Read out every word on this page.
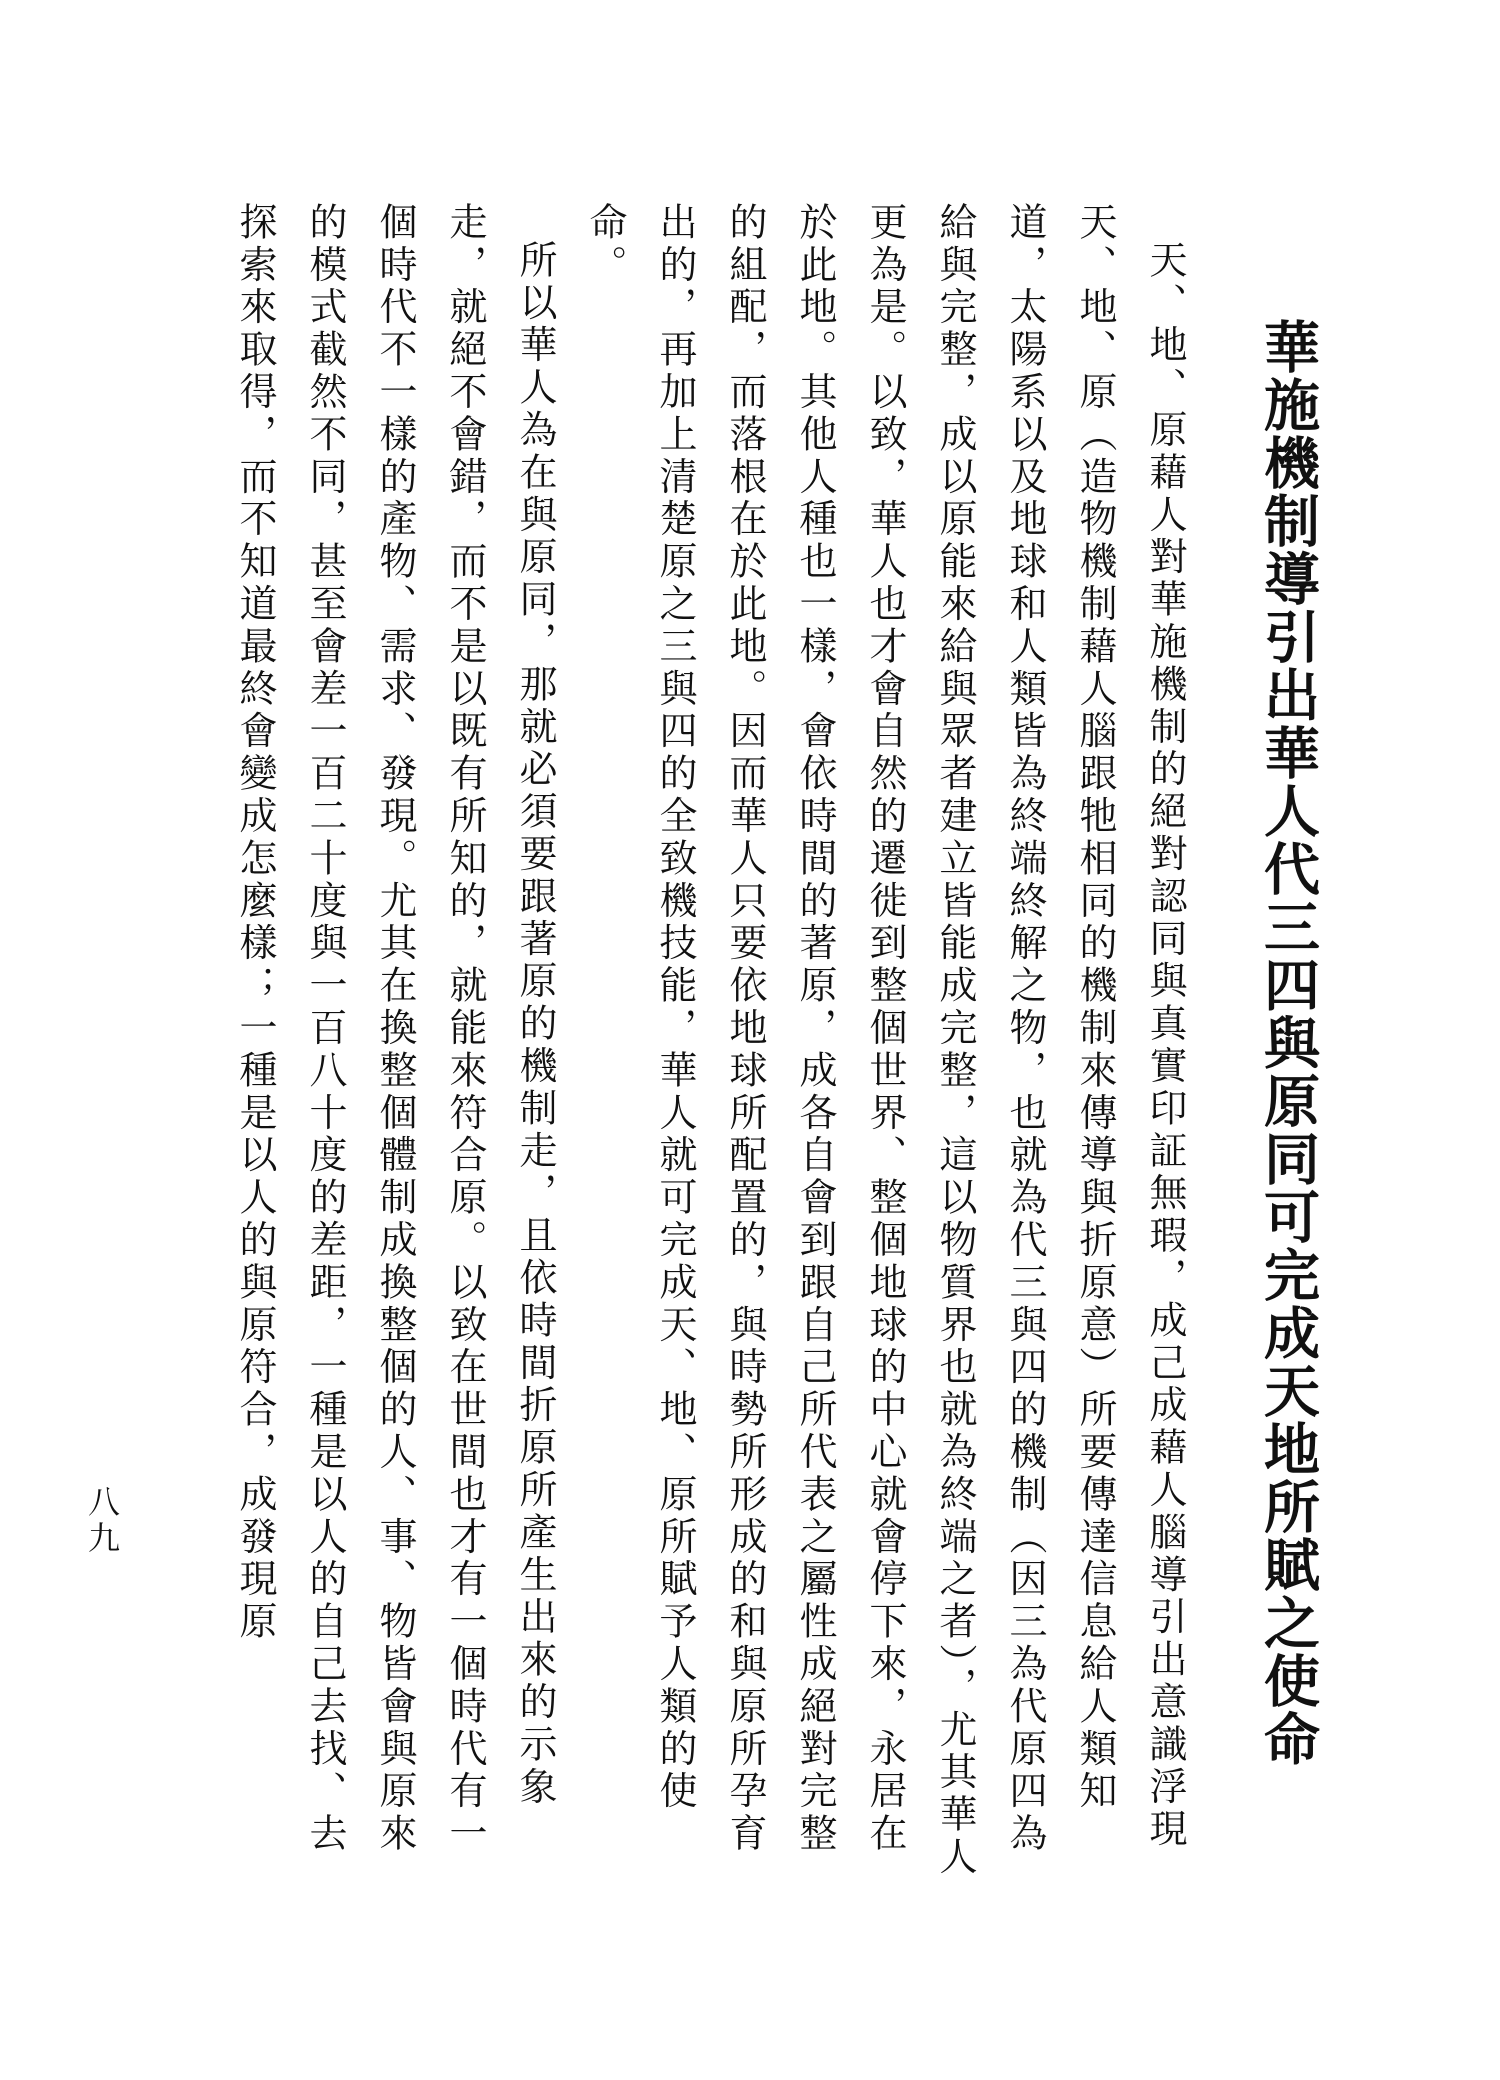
華施機制導引出華人代三四與原同可完成天地所賦之使命

天、地、原藉人對華施機制的絕對認同與真實印証無瑕，成己成藉人腦導引出意識浮現天、地、原（造物機制藉人腦跟牠相同的機制來傳導與折原意）所要傳達信息給人類知道，太陽系以及地球和人類皆為終端終解之物，也就為代三與四的機制（因三為代原四為給與完整，成以原能來給與眾者建立皆能成完整，這以物質界也就為終端之者），尤其華人更為是。以致，華人也才會自然的遷徙到整個世界、整個地球的中心就會停下來，永居在於此地。其他人種也一樣，會依時間的著原，成各自會到跟自己所代表之屬性成絕對完整的組配，而落根在於此地。因而華人只要依地球所配置的，與時勢所形成的和與原所孕育出的，再加上清楚原之三與四的全致機技能，華人就可完成天、地、原所賦予人類的使命。

所以華人為在與原同，那就必須要跟著原的機制走，且依時間折原所產生出來的示象走，就絕不會錯，而不是以既有所知的，就能來符合原。以致在世間也才有一個時代有一個時代不一樣的產物、需求、發現。尤其在換整個體制成換整個的人、事、物皆會與原來的模式截然不同，甚至會差一百二十度與一百八十度的差距，一種是以人的自己去找、去探索來取得，而不知道最終會變成怎麼樣；一種是以人的與原符合，成發現原

八九
